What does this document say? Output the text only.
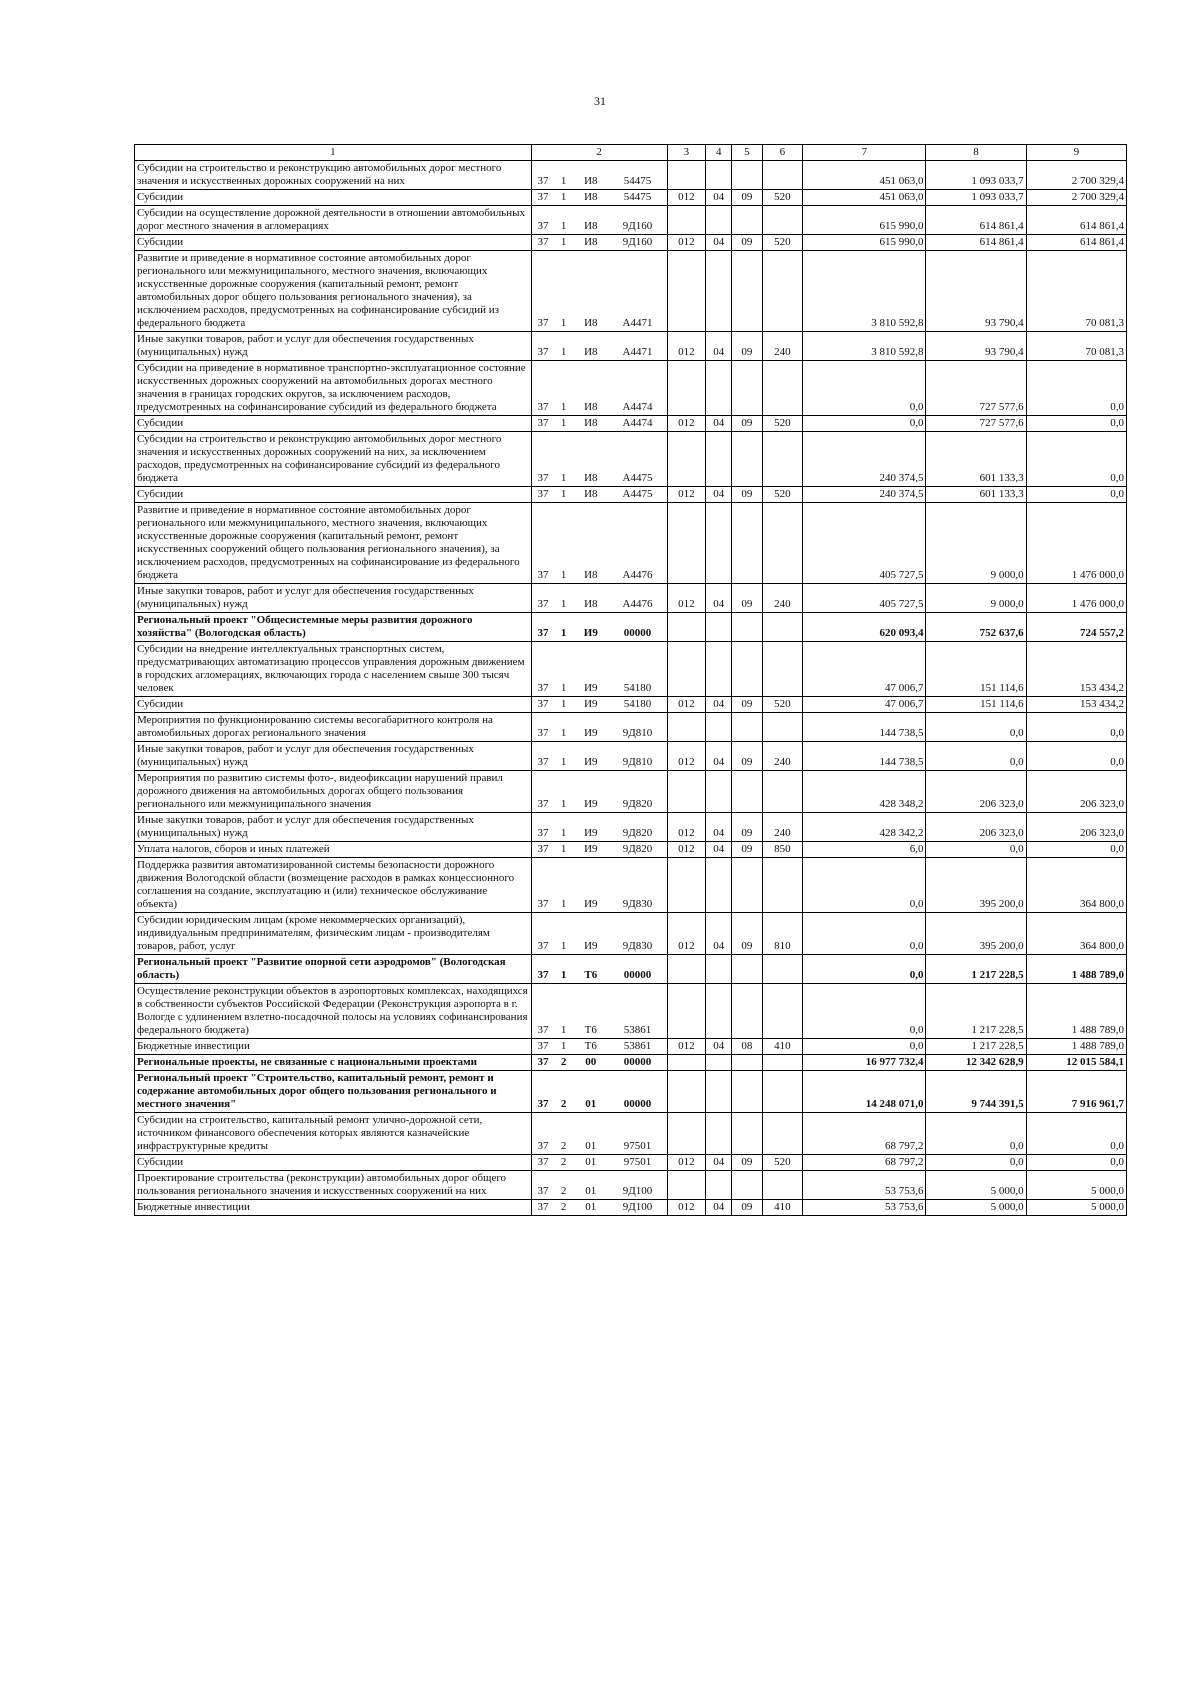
31
1	2				3	4	5	6	7	8	9
Субсидии на строительство и реконструкцию автомобильных дорог местного значения и искусственных дорожных сооружений на них	37	1	И8	54475					451 063,0	1 093 033,7	2 700 329,4
Субсидии	37	1	И8	54475	012	04	09	520	451 063,0	1 093 033,7	2 700 329,4
Субсидии на осуществление дорожной деятельности в отношении автомобильных дорог местного значения в агломерациях	37	1	И8	9Д160					615 990,0	614 861,4	614 861,4
Субсидии	37	1	И8	9Д160	012	04	09	520	615 990,0	614 861,4	614 861,4
Развитие и приведение в нормативное состояние автомобильных дорог регионального или межмуниципального, местного значения, включающих искусственные дорожные сооружения (капитальный ремонт, ремонт автомобильных дорог общего пользования регионального значения), за исключением расходов, предусмотренных на софинансирование субсидий из федерального бюджета	37	1	И8	А4471					3 810 592,8	93 790,4	70 081,3
Иные закупки товаров, работ и услуг для обеспечения государственных (муниципальных) нужд	37	1	И8	А4471	012	04	09	240	3 810 592,8	93 790,4	70 081,3
Субсидии на приведение в нормативное транспортно-эксплуатационное состояние искусственных дорожных сооружений на автомобильных дорогах местного значения в границах городских округов, за исключением расходов, предусмотренных на софинансирование субсидий из федерального бюджета	37	1	И8	А4474					0,0	727 577,6	0,0
Субсидии	37	1	И8	А4474	012	04	09	520	0,0	727 577,6	0,0
Субсидии на строительство и реконструкцию автомобильных дорог местного значения и искусственных дорожных сооружений на них, за исключением расходов, предусмотренных на софинансирование субсидий из федерального бюджета	37	1	И8	А4475					240 374,5	601 133,3	0,0
Субсидии	37	1	И8	А4475	012	04	09	520	240 374,5	601 133,3	0,0
Развитие и приведение в нормативное состояние автомобильных дорог регионального или межмуниципального, местного значения, включающих искусственные дорожные сооружения (капитальный ремонт, ремонт искусственных сооружений общего пользования регионального значения), за исключением расходов, предусмотренных на софинансирование из федерального бюджета	37	1	И8	А4476					405 727,5	9 000,0	1 476 000,0
Иные закупки товаров, работ и услуг для обеспечения государственных (муниципальных) нужд	37	1	И8	А4476	012	04	09	240	405 727,5	9 000,0	1 476 000,0
Региональный проект "Общесистемные меры развития дорожного хозяйства" (Вологодская область)	37	1	И9	00000					620 093,4	752 637,6	724 557,2
Субсидии на внедрение интеллектуальных транспортных систем, предусматривающих автоматизацию процессов управления дорожным движением в городских агломерациях, включающих города с населением свыше 300 тысяч человек	37	1	И9	54180					47 006,7	151 114,6	153 434,2
Субсидии	37	1	И9	54180	012	04	09	520	47 006,7	151 114,6	153 434,2
Мероприятия по функционированию системы весогабаритного контроля на автомобильных дорогах регионального значения	37	1	И9	9Д810					144 738,5	0,0	0,0
Иные закупки товаров, работ и услуг для обеспечения государственных (муниципальных) нужд	37	1	И9	9Д810	012	04	09	240	144 738,5	0,0	0,0
Мероприятия по развитию системы фото-, видеофиксации нарушений правил дорожного движения на автомобильных дорогах общего пользования регионального или межмуниципального значения	37	1	И9	9Д820					428 348,2	206 323,0	206 323,0
Иные закупки товаров, работ и услуг для обеспечения государственных (муниципальных) нужд	37	1	И9	9Д820	012	04	09	240	428 342,2	206 323,0	206 323,0
Уплата налогов, сборов и иных платежей	37	1	И9	9Д820	012	04	09	850	6,0	0,0	0,0
Поддержка развития автоматизированной системы безопасности дорожного движения Вологодской области (возмещение расходов в рамках концессионного соглашения на создание, эксплуатацию и (или) техническое обслуживание объекта)	37	1	И9	9Д830					0,0	395 200,0	364 800,0
Субсидии юридическим лицам (кроме некоммерческих организаций), индивидуальным предпринимателям, физическим лицам - производителям товаров, работ, услуг	37	1	И9	9Д830	012	04	09	810	0,0	395 200,0	364 800,0
Региональный проект "Развитие опорной сети аэродромов" (Вологодская область)	37	1	Т6	00000					0,0	1 217 228,5	1 488 789,0
Осуществление реконструкции объектов в аэропортовых комплексах, находящихся в собственности субъектов Российской Федерации (Реконструкция аэропорта в г. Вологде с удлинением взлетно-посадочной полосы на условиях софинансирования федерального бюджета)	37	1	Т6	53861					0,0	1 217 228,5	1 488 789,0
Бюджетные инвестиции	37	1	Т6	53861	012	04	08	410	0,0	1 217 228,5	1 488 789,0
Региональные проекты, не связанные с национальными проектами	37	2	00	00000					16 977 732,4	12 342 628,9	12 015 584,1
Региональный проект "Строительство, капитальный ремонт, ремонт и содержание автомобильных дорог общего пользования регионального и местного значения"	37	2	01	00000					14 248 071,0	9 744 391,5	7 916 961,7
Субсидии на строительство, капитальный ремонт улично-дорожной сети, источником финансового обеспечения которых являются казначейские инфраструктурные кредиты	37	2	01	97501					68 797,2	0,0	0,0
Субсидии	37	2	01	97501	012	04	09	520	68 797,2	0,0	0,0
Проектирование строительства (реконструкции) автомобильных дорог общего пользования регионального значения и искусственных сооружений на них	37	2	01	9Д100					53 753,6	5 000,0	5 000,0
Бюджетные инвестиции	37	2	01	9Д100	012	04	09	410	53 753,6	5 000,0	5 000,0
